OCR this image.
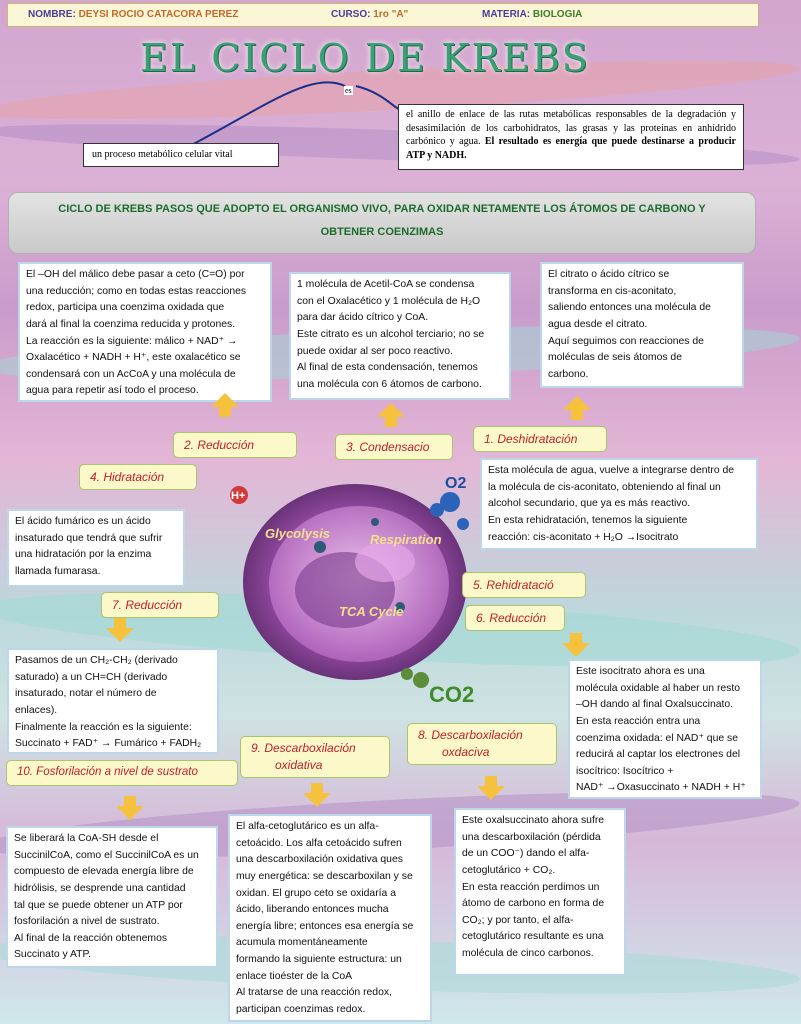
NOMBRE: DEYSI ROCIO CATACORA PEREZ	CURSO: 1ro "A"	MATERIA: BIOLOGIA
EL CICLO DE KREBS
es
un proceso metabólico celular vital
el anillo de enlace de las rutas metabólicas responsables de la degradación y desasimilación de los carbohidratos, las grasas y las proteínas en anhídrido carbónico y agua. El resultado es energía que puede destinarse a producir ATP y NADH.
CICLO DE KREBS PASOS QUE ADOPTO EL ORGANISMO VIVO, PARA OXIDAR NETAMENTE LOS ÁTOMOS DE CARBONO Y
OBTENER COENZIMAS
El –OH del málico debe pasar a ceto (C=O) por
una reducción; como en todas estas reacciones
redox, participa una coenzima oxidada que
dará al final la coenzima reducida y protones.
La reacción es la siguiente: málico + NAD⁺ →
Oxalacético + NADH + H⁺, este oxalacético se
condensará con un AcCoA y una molécula de
agua para repetir así todo el proceso.
1 molécula de Acetil-CoA se condensa
con el Oxalacético y 1 molécula de H₂O
para dar ácido cítrico y CoA.
Este citrato es un alcohol terciario; no se
puede oxidar al ser poco reactivo.
Al final de esta condensación, tenemos
una molécula con 6 átomos de carbono.
El citrato o ácido cítrico se
transforma en cis-aconitato,
saliendo entonces una molécula de
agua desde el citrato.
Aquí seguimos con reacciones de
moléculas de seis átomos de
carbono.
Glycolysis	Respiration
TCA Cycle
CO2
O2
H+
1. Deshidratación
2. Reducción	3. Condensacio
4. Hidratación	Esta molécula de agua, vuelve a integrarse dentro de
la molécula de cis-aconitato, obteniendo al final un
alcohol secundario, que ya es más reactivo.
En esta rehidratación, tenemos la siguiente
reacción: cis-aconitato + H₂O →Isocitrato
El ácido fumárico es un ácido
insaturado que tendrá que sufrir
una hidratación por la enzima
llamada fumarasa.
5. Rehidratació
7. Reducción
6. Reducción
Pasamos de un CH₂-CH₂ (derivado
saturado) a un CH=CH (derivado
insaturado, notar el número de
enlaces).
Finalmente la reacción es la siguiente:
Succinato + FAD⁺ → Fumárico + FADH₂
Este isocitrato ahora es una
molécula oxidable al haber un resto
–OH dando al final Oxalsuccinato.
En esta reacción entra una
coenzima oxidada: el NAD⁺ que se
reducirá al captar los electrones del
isocítrico: Isocítrico +
NAD⁺ →Oxasuccinato + NADH + H⁺
8. Descarboxilación
oxdaciva
9. Descarboxilación
oxidativa
10. Fosforilación a nivel de sustrato
Se liberará la CoA-SH desde el
SuccinilCoA, como el SuccinilCoA es un
compuesto de elevada energía libre de
hidrólisis, se desprende una cantidad
tal que se puede obtener un ATP por
fosforilación a nivel de sustrato.
Al final de la reacción obtenemos
Succinato y ATP.
El alfa-cetoglutárico es un alfa-
cetoácido. Los alfa cetoácido sufren
una descarboxilación oxidativa ques
muy energética: se descarboxilan y se
oxidan. El grupo ceto se oxidaría a
ácido, liberando entonces mucha
energía libre; entonces esa energía se
acumula momentáneamente
formando la siguiente estructura: un
enlace tioéster de la CoA
Al tratarse de una reacción redox,
participan coenzimas redox.
Este oxalsuccinato ahora sufre
una descarboxilación (pérdida
de un COO⁻) dando el alfa-
cetoglutárico + CO₂.
En esta reacción perdimos un
átomo de carbono en forma de
CO₂; y por tanto, el alfa-
cetoglutárico resultante es una
molécula de cinco carbonos.
